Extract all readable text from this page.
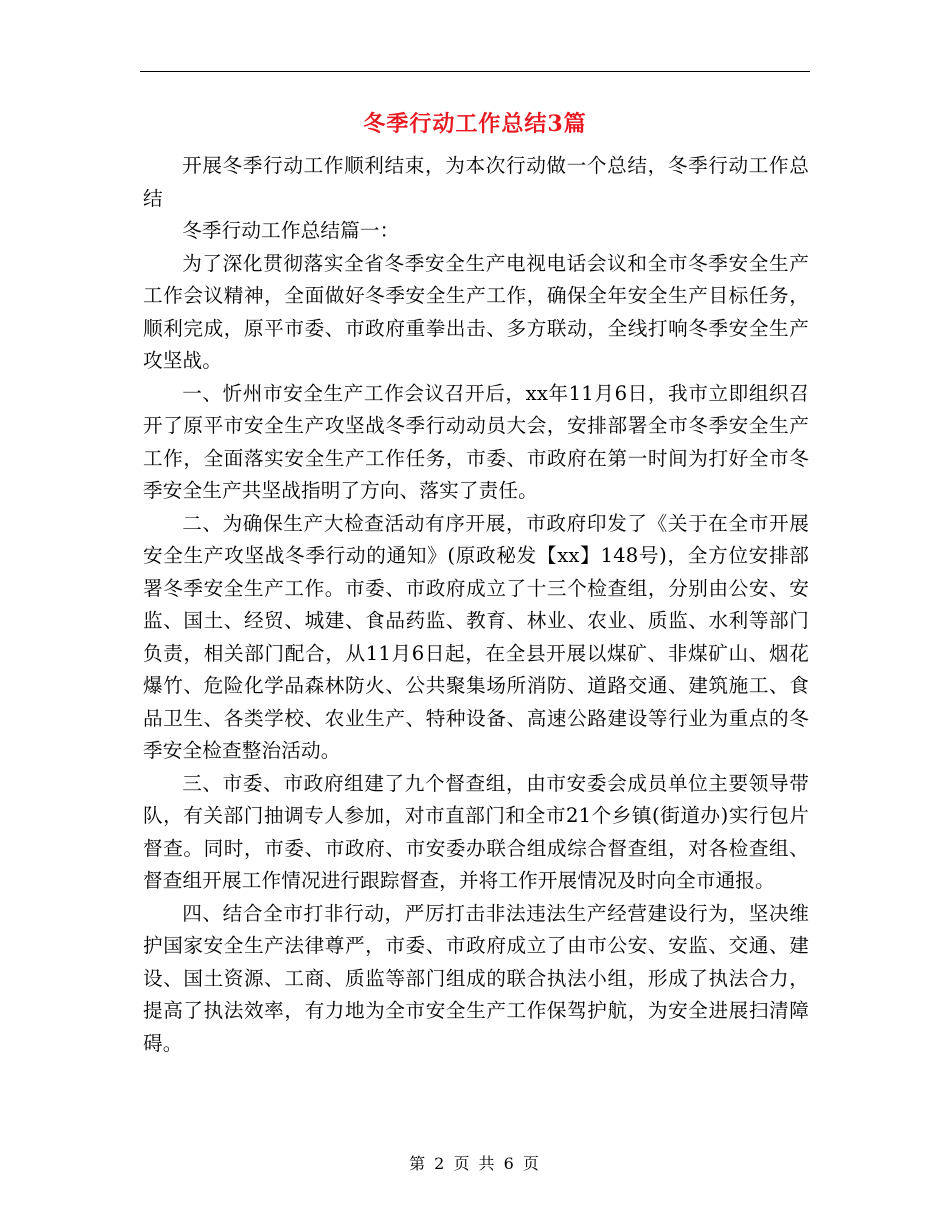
冬季行动工作总结3篇

开展冬季行动工作顺利结束，为本次行动做一个总结，冬季行动工作总结

冬季行动工作总结篇一：

为了深化贯彻落实全省冬季安全生产电视电话会议和全市冬季安全生产工作会议精神，全面做好冬季安全生产工作，确保全年安全生产目标任务，顺利完成，原平市委、市政府重拳出击、多方联动，全线打响冬季安全生产攻坚战。

一、忻州市安全生产工作会议召开后，xx年11月6日，我市立即组织召开了原平市安全生产攻坚战冬季行动动员大会，安排部署全市冬季安全生产工作，全面落实安全生产工作任务，市委、市政府在第一时间为打好全市冬季安全生产共坚战指明了方向、落实了责任。

二、为确保生产大检查活动有序开展，市政府印发了《关于在全市开展安全生产攻坚战冬季行动的通知》(原政秘发【xx】148号)，全方位安排部署冬季安全生产工作。市委、市政府成立了十三个检查组，分别由公安、安监、国土、经贸、城建、食品药监、教育、林业、农业、质监、水利等部门负责，相关部门配合，从11月6日起，在全县开展以煤矿、非煤矿山、烟花爆竹、危险化学品森林防火、公共聚集场所消防、道路交通、建筑施工、食品卫生、各类学校、农业生产、特种设备、高速公路建设等行业为重点的冬季安全检查整治活动。

三、市委、市政府组建了九个督查组，由市安委会成员单位主要领导带队，有关部门抽调专人参加，对市直部门和全市21个乡镇(街道办)实行包片督查。同时，市委、市政府、市安委办联合组成综合督查组，对各检查组、督查组开展工作情况进行跟踪督查，并将工作开展情况及时向全市通报。

四、结合全市打非行动，严厉打击非法违法生产经营建设行为，坚决维护国家安全生产法律尊严，市委、市政府成立了由市公安、安监、交通、建设、国土资源、工商、质监等部门组成的联合执法小组，形成了执法合力，提高了执法效率，有力地为全市安全生产工作保驾护航，为安全进展扫清障碍。

第 2 页 共 6 页
